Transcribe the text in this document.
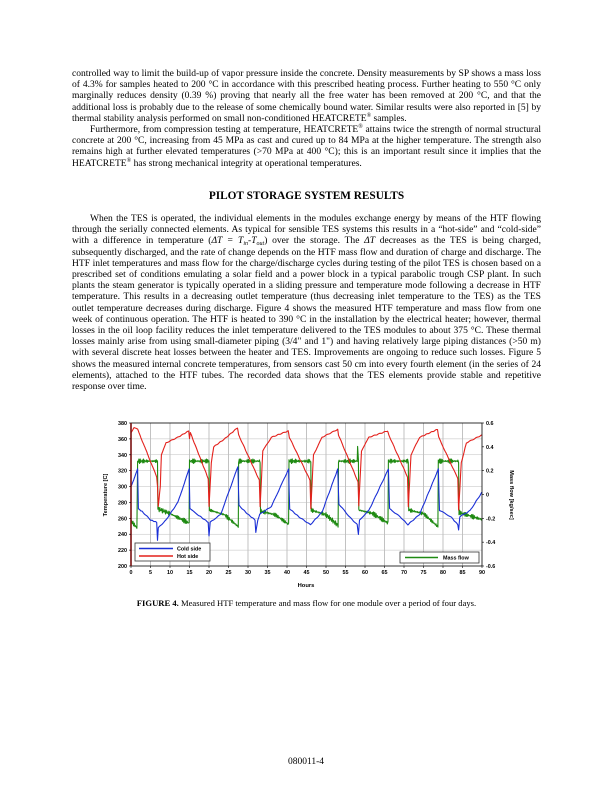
controlled way to limit the build-up of vapor pressure inside the concrete. Density measurements by SP shows a mass loss of 4.3% for samples heated to 200 °C in accordance with this prescribed heating process. Further heating to 550 °C only marginally reduces density (0.39 %) proving that nearly all the free water has been removed at 200 °C, and that the additional loss is probably due to the release of some chemically bound water. Similar results were also reported in [5] by thermal stability analysis performed on small non-conditioned HEATCRETE® samples.

Furthermore, from compression testing at temperature, HEATCRETE® attains twice the strength of normal structural concrete at 200 °C, increasing from 45 MPa as cast and cured up to 84 MPa at the higher temperature. The strength also remains high at further elevated temperatures (>70 MPa at 400 °C); this is an important result since it implies that the HEATCRETE® has strong mechanical integrity at operational temperatures.

PILOT STORAGE SYSTEM RESULTS

When the TES is operated, the individual elements in the modules exchange energy by means of the HTF flowing through the serially connected elements. As typical for sensible TES systems this results in a “hot-side” and “cold-side” with a difference in temperature $(\Delta T = T_{in}-T_{out})$ over the storage. The ΔT decreases as the TES is being charged, subsequently discharged, and the rate of change depends on the HTF mass flow and duration of charge and discharge. The HTF inlet temperatures and mass flow for the charge/discharge cycles during testing of the pilot TES is chosen based on a prescribed set of conditions emulating a solar field and a power block in a typical parabolic trough CSP plant. In such plants the steam generator is typically operated in a sliding pressure and temperature mode following a decrease in HTF temperature. This results in a decreasing outlet temperature (thus decreasing inlet temperature to the TES) as the TES outlet temperature decreases during discharge. Figure 4 shows the measured HTF temperature and mass flow from one week of continuous operation. The HTF is heated to 390 °C in the installation by the electrical heater; however, thermal losses in the oil loop facility reduces the inlet temperature delivered to the TES modules to about 375 °C. These thermal losses mainly arise from using small-diameter piping (3/4" and 1") and having relatively large piping distances (>50 m) with several discrete heat losses between the heater and TES. Improvements are ongoing to reduce such losses. Figure 5 shows the measured internal concrete temperatures, from sensors cast 50 cm into every fourth element (in the series of 24 elements), attached to the HTF tubes. The recorded data shows that the TES elements provide stable and repetitive response over time.

0	5	10	15	20	25	30	35	40	45	50	55	60	65	70	75	80	85	90
200
220
240
260
280
300
320
340
360
380
-0.6
-0.4
-0.2
0
0.2
0.4
0.6
Temperature [C]	Mass flow [kg/sec]
Hours
Cold side
Hot side	Mass flow
FIGURE 4. Measured HTF temperature and mass flow for one module over a period of four days.
080011-4
